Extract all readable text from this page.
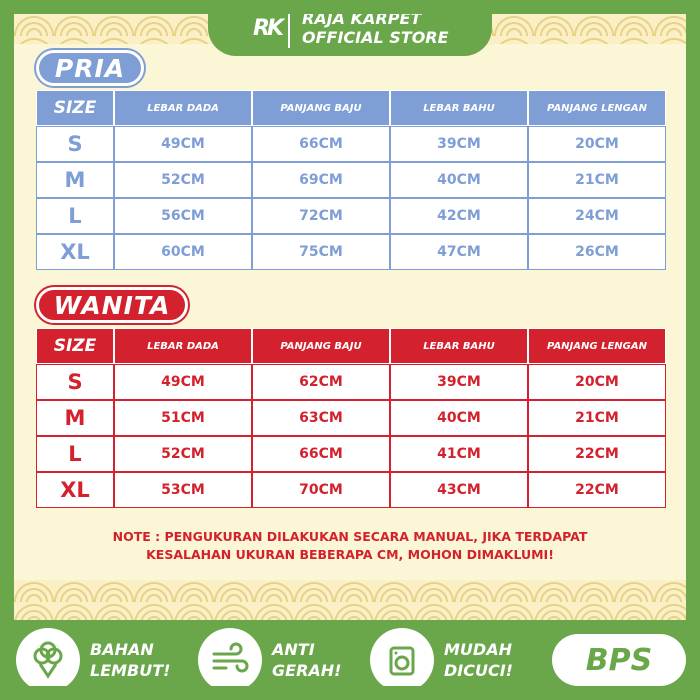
♛
RK RAJA KARPET
OFFICIAL STORE
PRIA
SIZE	LEBAR DADA	PANJANG BAJU	LEBAR BAHU	PANJANG LENGAN
S	49CM	66CM	39CM	20CM
M	52CM	69CM	40CM	21CM
L	56CM	72CM	42CM	24CM
XL	60CM	75CM	47CM	26CM
WANITA
SIZE	LEBAR DADA	PANJANG BAJU	LEBAR BAHU	PANJANG LENGAN
S	49CM	62CM	39CM	20CM
M	51CM	63CM	40CM	21CM
L	52CM	66CM	41CM	22CM
XL	53CM	70CM	43CM	22CM
NOTE : PENGUKURAN DILAKUKAN SECARA MANUAL, JIKA TERDAPAT
KESALAHAN UKURAN BEBERAPA CM, MOHON DIMAKLUMI!
BAHAN
LEMBUT!
ANTI
GERAH!
MUDAH
DICUCI!	BPS
